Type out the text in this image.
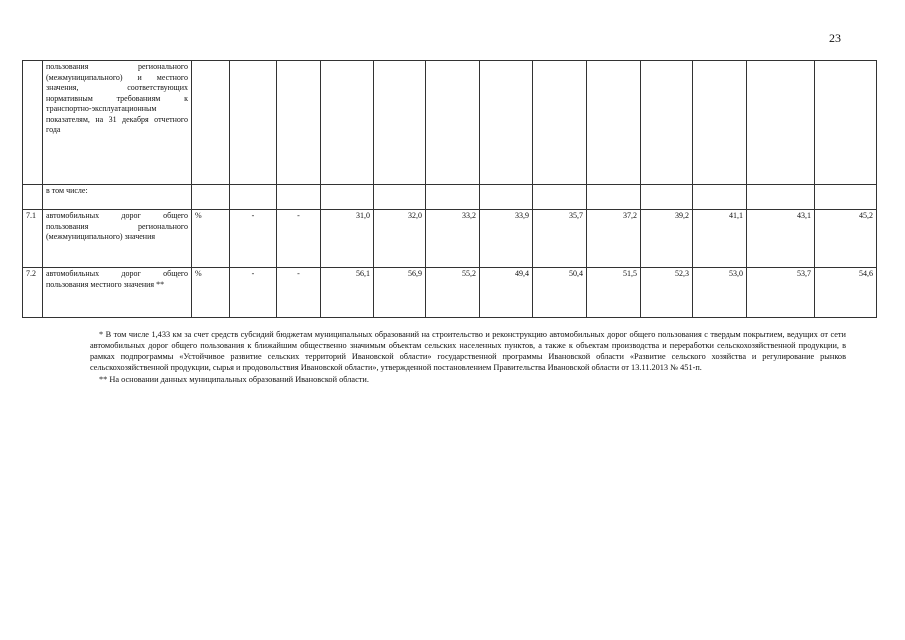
23
	пользования регионального (межмуниципального) и местного значения, соответствующих нормативным требованиям к транспортно-эксплуатационным показателям, на 31 декабря отчетного года													
	в том числе:													
7.1	автомобильных дорог общего пользования регионального (межмуниципального) значения	%	-	-	31,0	32,0	33,2	33,9	35,7	37,2	39,2	41,1	43,1	45,2
7.2	автомобильных дорог общего пользования местного значения **	%	-	-	56,1	56,9	55,2	49,4	50,4	51,5	52,3	53,0	53,7	54,6

* В том числе 1,433 км за счет средств субсидий бюджетам муниципальных образований на строительство и реконструкцию автомобильных дорог общего пользования с твердым покрытием, ведущих от сети автомобильных дорог общего пользования к ближайшим общественно значимым объектам сельских населенных пунктов, а также к объектам производства и переработки сельскохозяйственной продукции, в рамках подпрограммы «Устойчивое развитие сельских территорий Ивановской области» государственной программы Ивановской области «Развитие сельского хозяйства и регулирование рынков сельскохозяйственной продукции, сырья и продовольствия Ивановской области», утвержденной постановлением Правительства Ивановской области от 13.11.2013 № 451-п.

** На основании данных муниципальных образований Ивановской области.
